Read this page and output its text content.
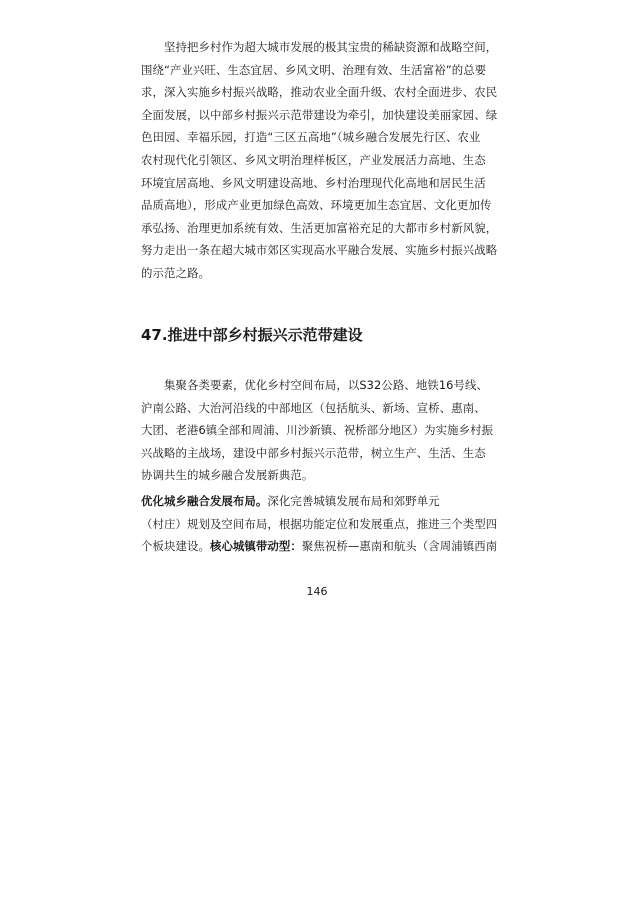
坚持把乡村作为超大城市发展的极其宝贵的稀缺资源和战略空间，
围绕“产业兴旺、生态宜居、乡风文明、治理有效、生活富裕”的总要
求，深入实施乡村振兴战略，推动农业全面升级、农村全面进步、农民
全面发展，以中部乡村振兴示范带建设为牵引，加快建设美丽家园、绿
色田园、幸福乐园，打造“三区五高地”（城乡融合发展先行区、农业
农村现代化引领区、乡风文明治理样板区，产业发展活力高地、生态
环境宜居高地、乡风文明建设高地、乡村治理现代化高地和居民生活
品质高地），形成产业更加绿色高效、环境更加生态宜居、文化更加传
承弘扬、治理更加系统有效、生活更加富裕充足的大都市乡村新风貌，
努力走出一条在超大城市郊区实现高水平融合发展、实施乡村振兴战略
的示范之路。

47.推进中部乡村振兴示范带建设

集聚各类要素，优化乡村空间布局，以S32公路、地铁16号线、
沪南公路、大治河沿线的中部地区（包括航头、新场、宣桥、惠南、
大团、老港6镇全部和周浦、川沙新镇、祝桥部分地区）为实施乡村振
兴战略的主战场，建设中部乡村振兴示范带，树立生产、生活、生态
协调共生的城乡融合发展新典范。

优化城乡融合发展布局。深化完善城镇发展布局和郊野单元
（村庄）规划及空间布局，根据功能定位和发展重点，推进三个类型四
个板块建设。核心城镇带动型：聚焦祝桥—惠南和航头（含周浦镇西南

146
